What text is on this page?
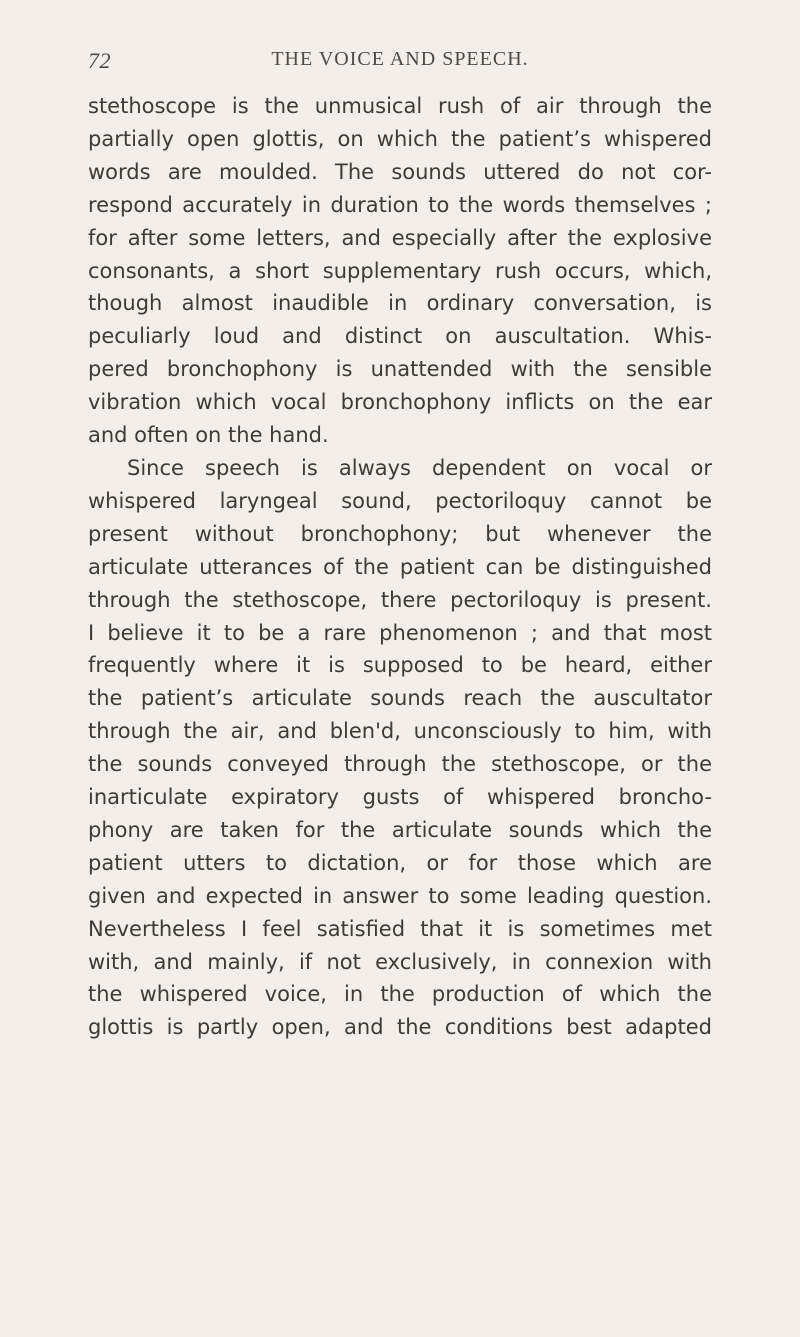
72	THE VOICE AND SPEECH.

stethoscope is the unmusical rush of air through the
partially open glottis, on which the patient’s whispered
words are moulded. The sounds uttered do not cor-
respond accurately in duration to the words themselves ;
for after some letters, and especially after the explosive
consonants, a short supplementary rush occurs, which,
though almost inaudible in ordinary conversation, is
peculiarly loud and distinct on auscultation. Whis-
pered bronchophony is unattended with the sensible
vibration which vocal bronchophony inflicts on the ear
and often on the hand.

Since speech is always dependent on vocal or
whispered laryngeal sound, pectoriloquy cannot be
present without bronchophony; but whenever the
articulate utterances of the patient can be distinguished
through the stethoscope, there pectoriloquy is present.
I believe it to be a rare phenomenon ; and that most
frequently where it is supposed to be heard, either
the patient’s articulate sounds reach the auscultator
through the air, and blen'd, unconsciously to him, with
the sounds conveyed through the stethoscope, or the
inarticulate expiratory gusts of whispered broncho-
phony are taken for the articulate sounds which the
patient utters to dictation, or for those which are
given and expected in answer to some leading question.
Nevertheless I feel satisfied that it is sometimes met
with, and mainly, if not exclusively, in connexion with
the whispered voice, in the production of which the
glottis is partly open, and the conditions best adapted
